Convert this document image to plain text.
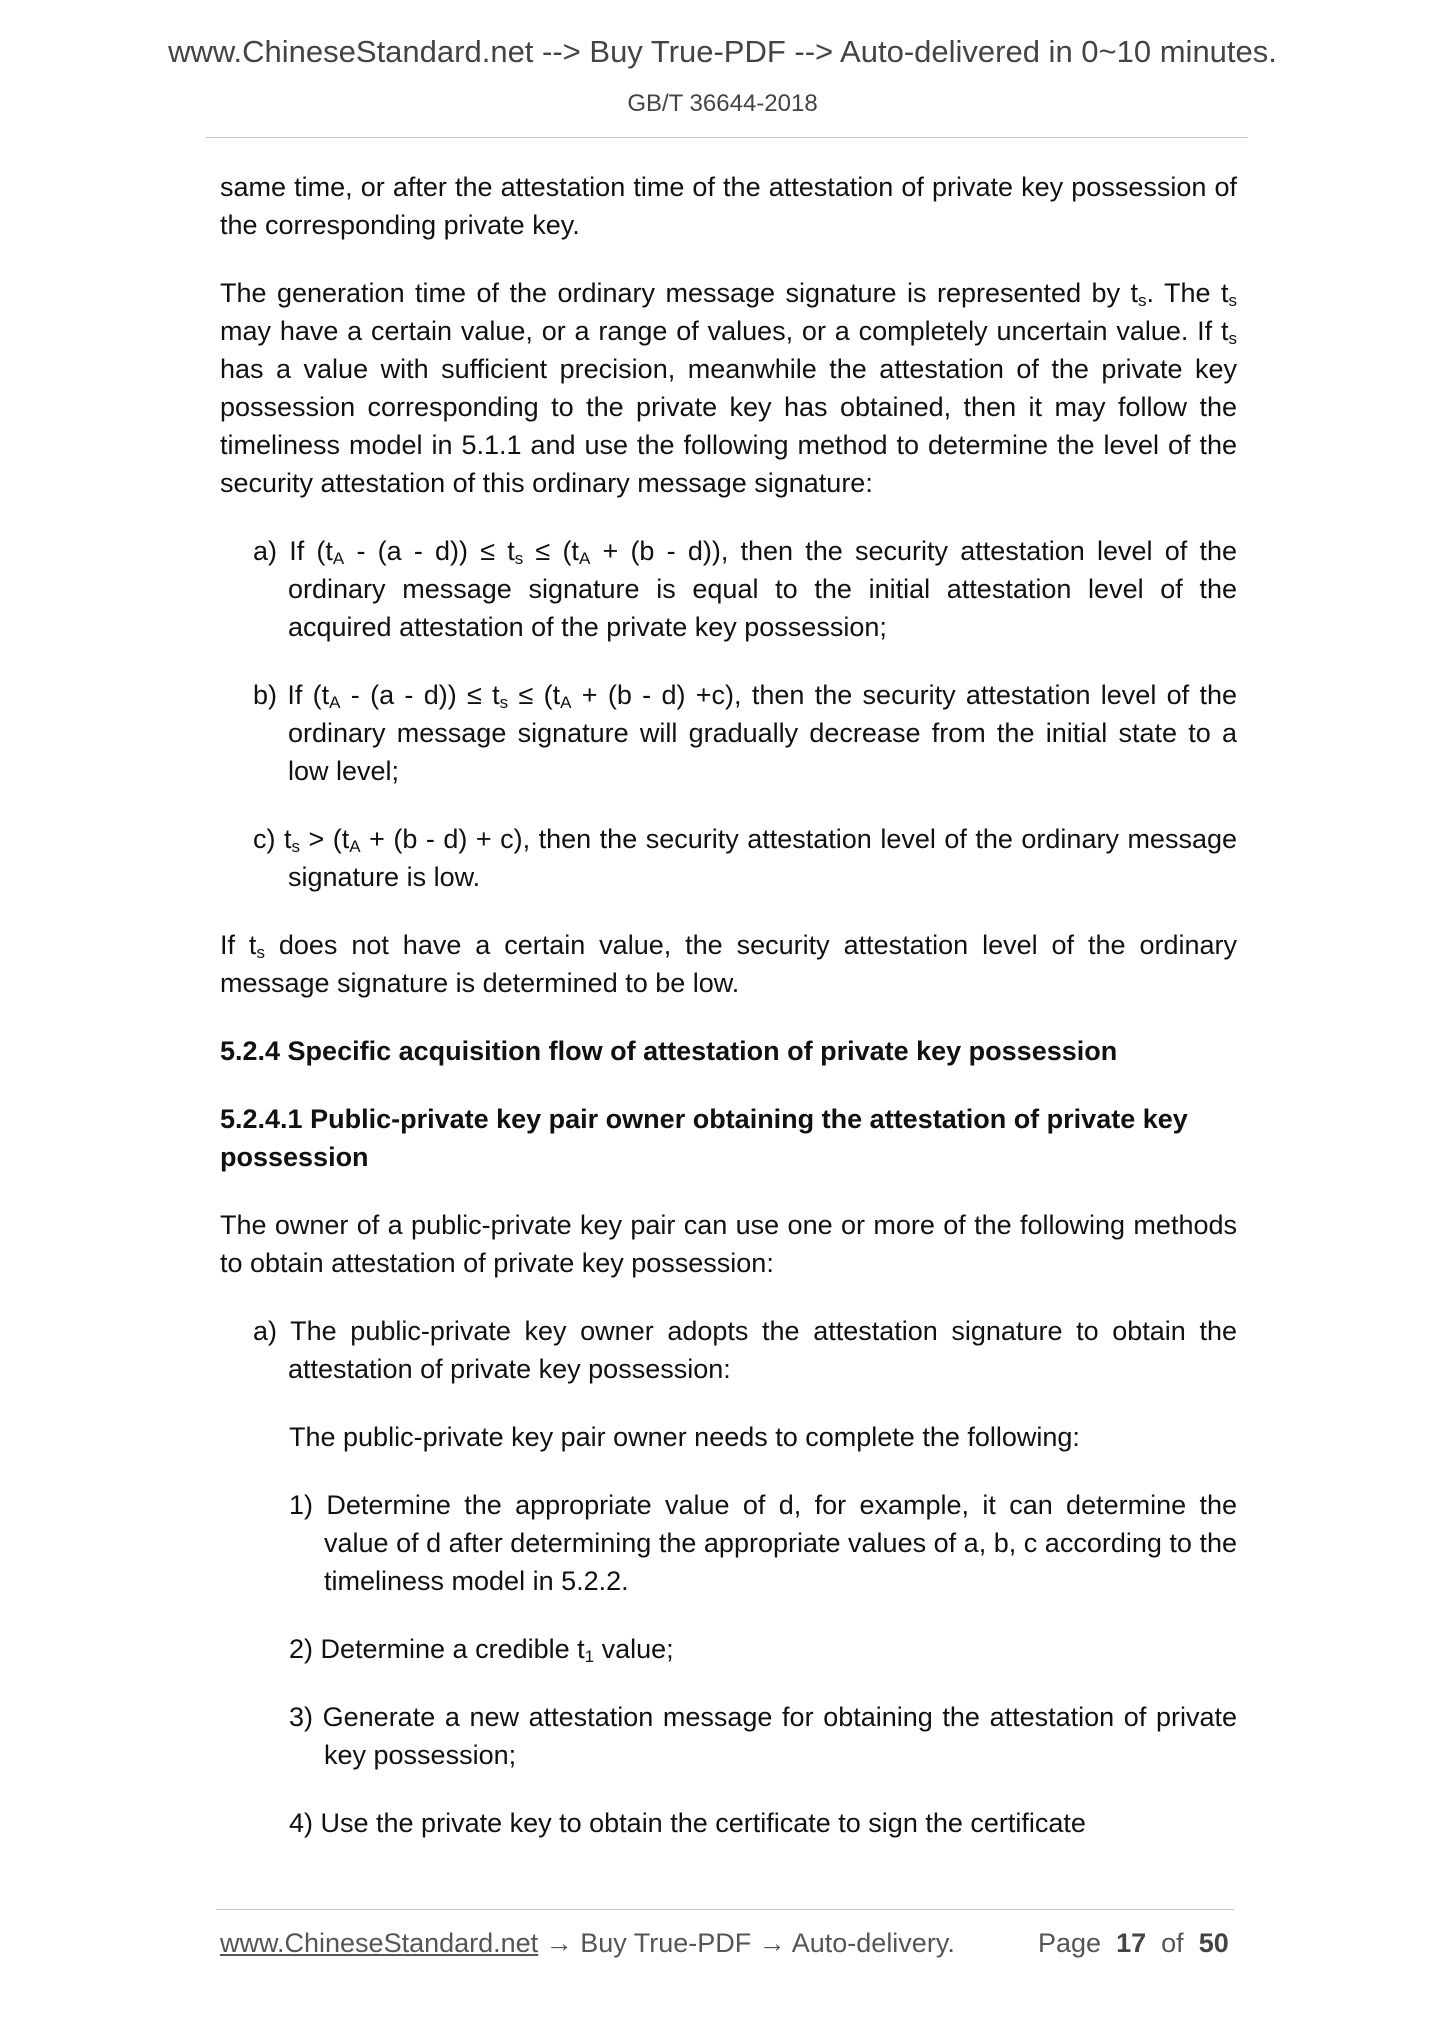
www.ChineseStandard.net --> Buy True-PDF --> Auto-delivered in 0~10 minutes.
GB/T 36644-2018

same time, or after the attestation time of the attestation of private key possession of the corresponding private key.

The generation time of the ordinary message signature is represented by $t_s$. The $t_s$ may have a certain value, or a range of values, or a completely uncertain value. If $t_s$ has a value with sufficient precision, meanwhile the attestation of the private key possession corresponding to the private key has obtained, then it may follow the timeliness model in 5.1.1 and use the following method to determine the level of the security attestation of this ordinary message signature:

a) If $(t_A - (a - d)) \le t_s \le (t_A + (b - d))$, then the security attestation level of the ordinary message signature is equal to the initial attestation level of the acquired attestation of the private key possession;

b) If $(t_A - (a - d)) \le t_s \le (t_A + (b - d) +c)$, then the security attestation level of the ordinary message signature will gradually decrease from the initial state to a low level;

c) $t_s > (t_A + (b - d) + c)$, then the security attestation level of the ordinary message signature is low.

If $t_s$ does not have a certain value, the security attestation level of the ordinary message signature is determined to be low.

5.2.4 Specific acquisition flow of attestation of private key possession

5.2.4.1 Public-private key pair owner obtaining the attestation of private key possession

The owner of a public-private key pair can use one or more of the following methods to obtain attestation of private key possession:

a) The public-private key owner adopts the attestation signature to obtain the attestation of private key possession:

The public-private key pair owner needs to complete the following:

1) Determine the appropriate value of d, for example, it can determine the value of d after determining the appropriate values of a, b, c according to the timeliness model in 5.2.2.

2) Determine a credible $t_1$ value;

3) Generate a new attestation message for obtaining the attestation of private key possession;

4) Use the private key to obtain the certificate to sign the certificate

www.ChineseStandard.net → Buy True-PDF → Auto-delivery.	Page 17 of 50
